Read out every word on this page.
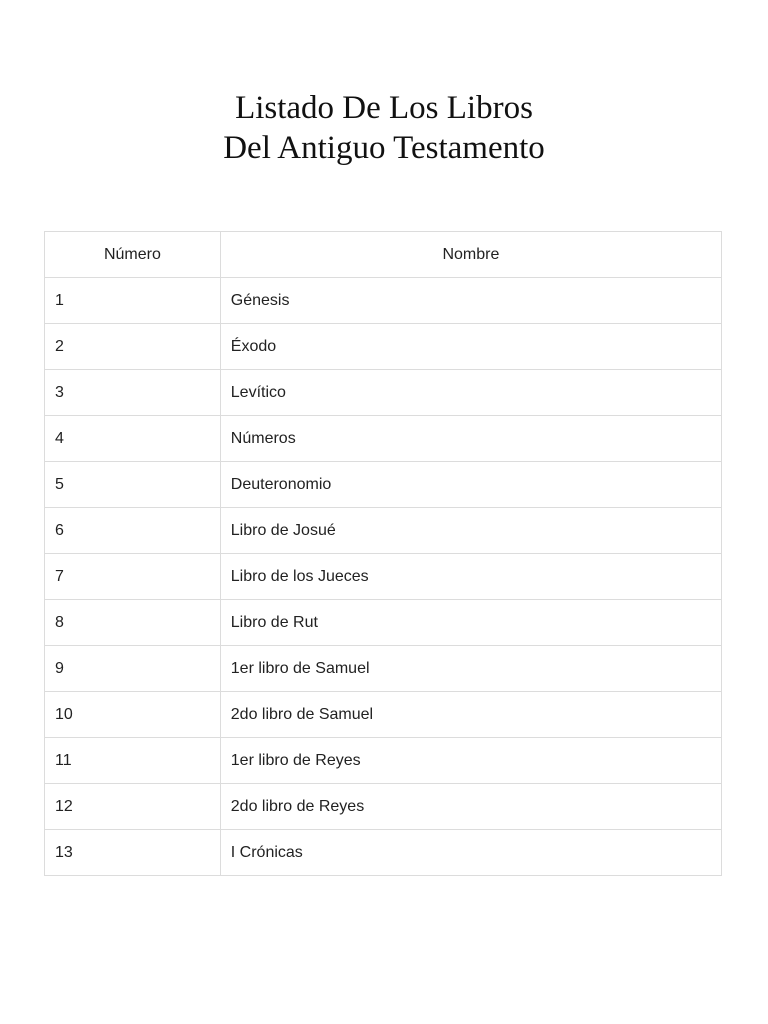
Listado De Los Libros
Del Antiguo Testamento
Número	Nombre
1	Génesis
2	Éxodo
3	Levítico
4	Números
5	Deuteronomio
6	Libro de Josué
7	Libro de los Jueces
8	Libro de Rut
9	1er libro de Samuel
10	2do libro de Samuel
11	1er libro de Reyes
12	2do libro de Reyes
13	I Crónicas
